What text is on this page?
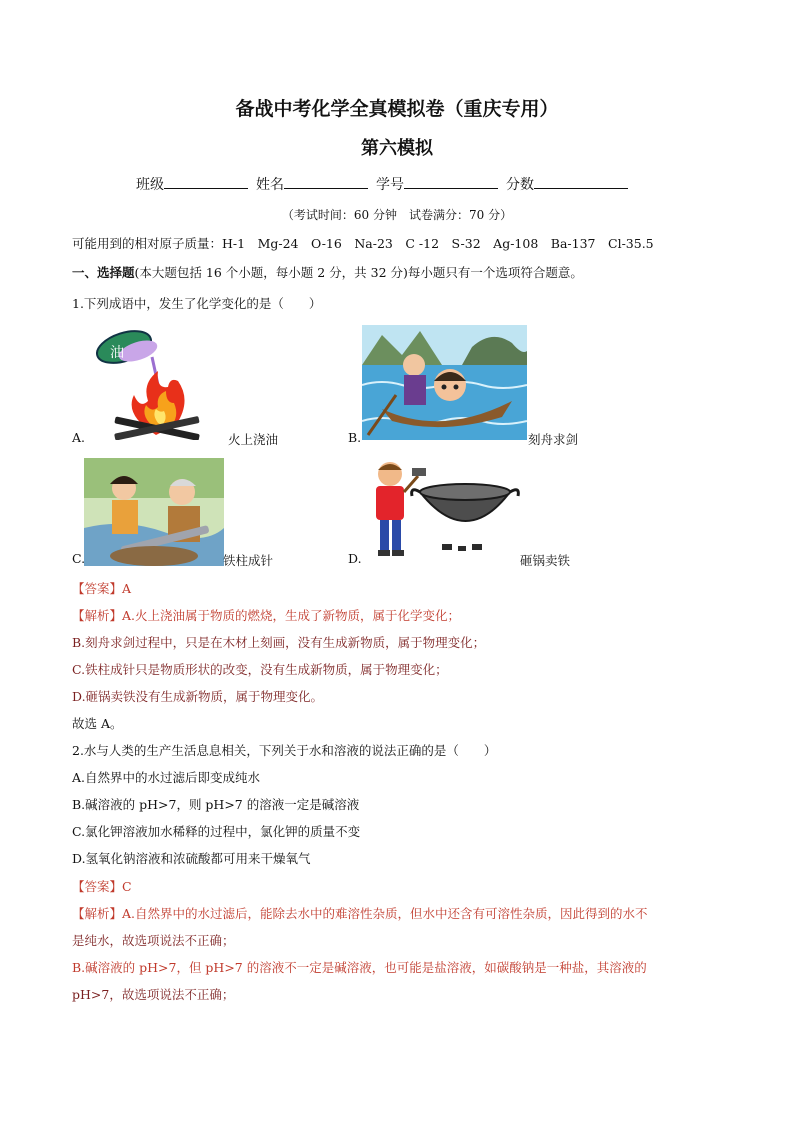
备战中考化学全真模拟卷（重庆专用）
第六模拟
班级	姓名	学号	分数
（考试时间：60 分钟　试卷满分：70 分）
可能用到的相对原子质量：H-1　Mg-24　O-16　Na-23　C -12　S-32　Ag-108　Ba-137　Cl-35.5
一、选择题(本大题包括 16 个小题，每小题 2 分，共 32 分)每小题只有一个选项符合题意。
1.下列成语中，发生了化学变化的是（　　）
油
A.	火上浇油	B.	刻舟求剑
C.	铁柱成针	D.	砸锅卖铁
【答案】A
【解析】A.火上浇油属于物质的燃烧，生成了新物质，属于化学变化；
B.刻舟求剑过程中，只是在木材上刻画，没有生成新物质，属于物理变化；
C.铁柱成针只是物质形状的改变，没有生成新物质，属于物理变化；
D.砸锅卖铁没有生成新物质，属于物理变化。
故选 A。
2.水与人类的生产生活息息相关，下列关于水和溶液的说法正确的是（　　）
A.自然界中的水过滤后即变成纯水
B.碱溶液的 pH>7，则 pH>7 的溶液一定是碱溶液
C.氯化钾溶液加水稀释的过程中，氯化钾的质量不变
D.氢氧化钠溶液和浓硫酸都可用来干燥氧气
【答案】C
【解析】A.自然界中的水过滤后，能除去水中的难溶性杂质，但水中还含有可溶性杂质，因此得到的水不
是纯水，故选项说法不正确；
B.碱溶液的 pH>7，但 pH>7 的溶液不一定是碱溶液，也可能是盐溶液，如碳酸钠是一种盐，其溶液的
pH>7，故选项说法不正确；
